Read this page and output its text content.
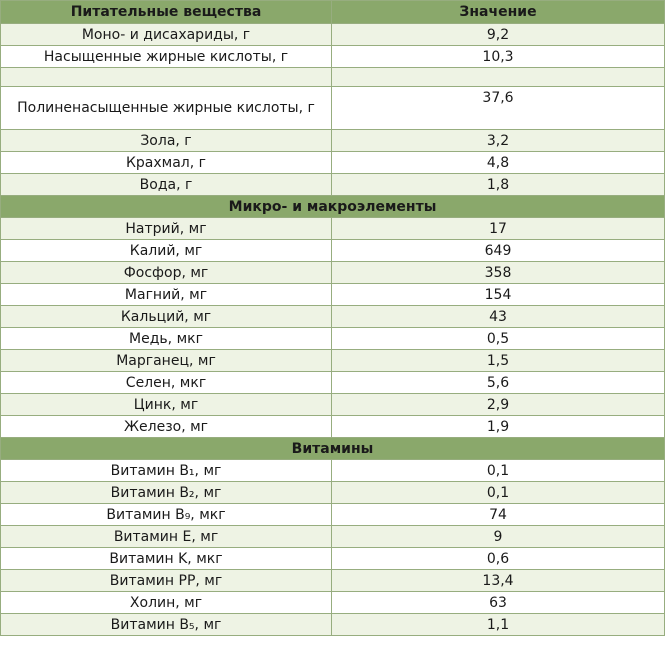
Питательные вещества	Значение
Моно- и дисахариды, г	9,2
Насыщенные жирные кислоты, г	10,3

Полиненасыщенные жирные кислоты, г	37,6
Зола, г	3,2
Крахмал, г	4,8
Вода, г	1,8
Микро- и макроэлементы	
Натрий, мг	17
Калий, мг	649
Фосфор, мг	358
Магний, мг	154
Кальций, мг	43
Медь, мкг	0,5
Марганец, мг	1,5
Селен, мкг	5,6
Цинк, мг	2,9
Железо, мг	1,9
Витамины	
Витамин B₁, мг	0,1
Витамин B₂, мг	0,1
Витамин B₉, мкг	74
Витамин E, мг	9
Витамин K, мкг	0,6
Витамин PP, мг	13,4
Холин, мг	63
Витамин B₅, мг	1,1
